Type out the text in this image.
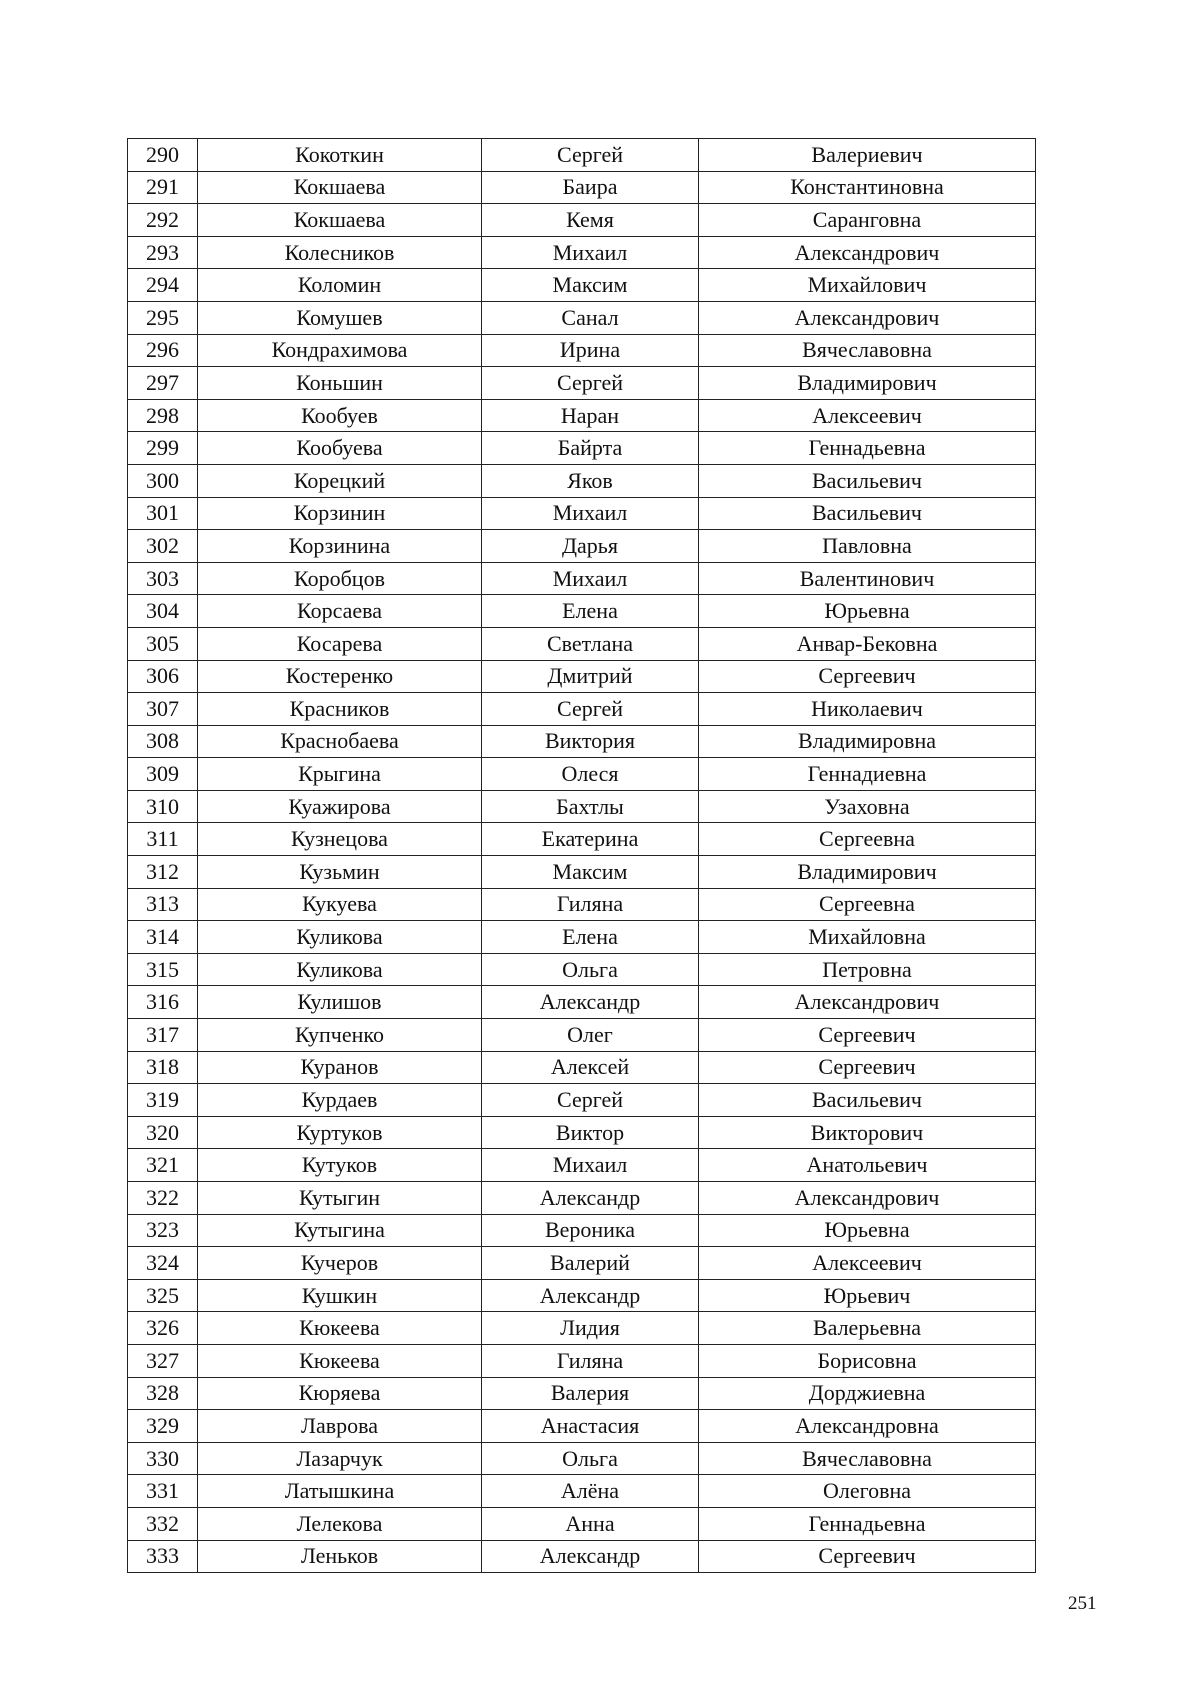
290	Кокоткин	Сергей	Валериевич
291	Кокшаева	Баира	Константиновна
292	Кокшаева	Кемя	Саранговна
293	Колесников	Михаил	Александрович
294	Коломин	Максим	Михайлович
295	Комушев	Санал	Александрович
296	Кондрахимова	Ирина	Вячеславовна
297	Коньшин	Сергей	Владимирович
298	Кообуев	Наран	Алексеевич
299	Кообуева	Байрта	Геннадьевна
300	Корецкий	Яков	Васильевич
301	Корзинин	Михаил	Васильевич
302	Корзинина	Дарья	Павловна
303	Коробцов	Михаил	Валентинович
304	Корсаева	Елена	Юрьевна
305	Косарева	Светлана	Анвар-Бековна
306	Костеренко	Дмитрий	Сергеевич
307	Красников	Сергей	Николаевич
308	Краснобаева	Виктория	Владимировна
309	Крыгина	Олеся	Геннадиевна
310	Куажирова	Бахтлы	Узаховна
311	Кузнецова	Екатерина	Сергеевна
312	Кузьмин	Максим	Владимирович
313	Кукуева	Гиляна	Сергеевна
314	Куликова	Елена	Михайловна
315	Куликова	Ольга	Петровна
316	Кулишов	Александр	Александрович
317	Купченко	Олег	Сергеевич
318	Куранов	Алексей	Сергеевич
319	Курдаев	Сергей	Васильевич
320	Куртуков	Виктор	Викторович
321	Кутуков	Михаил	Анатольевич
322	Кутыгин	Александр	Александрович
323	Кутыгина	Вероника	Юрьевна
324	Кучеров	Валерий	Алексеевич
325	Кушкин	Александр	Юрьевич
326	Кюкеева	Лидия	Валерьевна
327	Кюкеева	Гиляна	Борисовна
328	Кюряева	Валерия	Дорджиевна
329	Лаврова	Анастасия	Александровна
330	Лазарчук	Ольга	Вячеславовна
331	Латышкина	Алёна	Олеговна
332	Лелекова	Анна	Геннадьевна
333	Леньков	Александр	Сергеевич
251
